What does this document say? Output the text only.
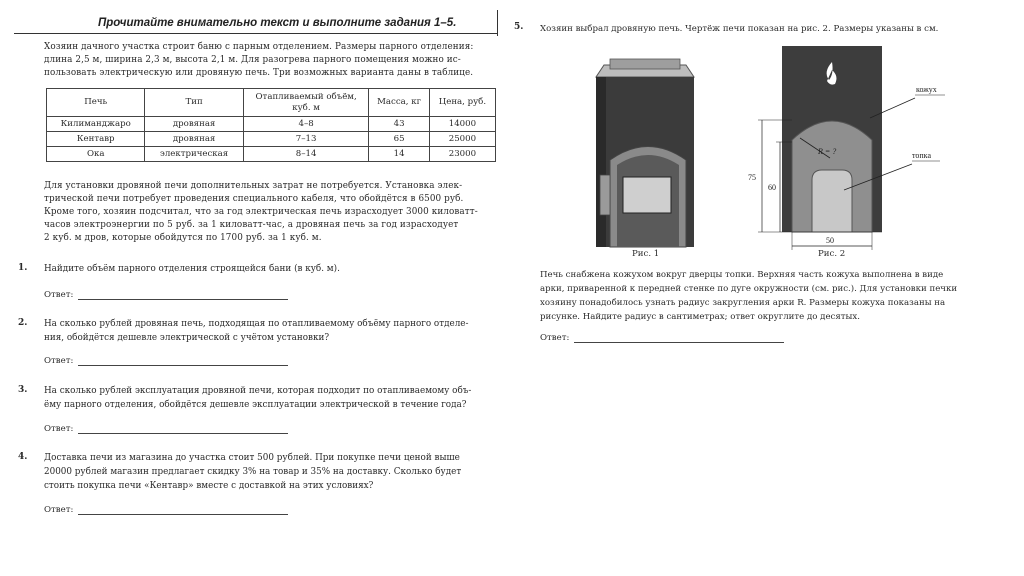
Прочитайте внимательно текст и выполните задания 1–5.
Хозяин дачного участка строит баню с парным отделением. Размеры парного отделения:
длина 2,5 м, ширина 2,3 м, высота 2,1 м. Для разогрева парного помещения можно ис-
пользовать электрическую или дровяную печь. Три возможных варианта даны в таблице.
Печь	Тип	Отапливаемый объём, куб. м	Масса, кг	Цена, руб.
Килиманджаро	дровяная	4–8	43	14000
Кентавр	дровяная	7–13	65	25000
Ока	электрическая	8–14	14	23000
Для установки дровяной печи дополнительных затрат не потребуется. Установка элек-
трической печи потребует проведения специального кабеля, что обойдётся в 6500 руб.
Кроме того, хозяин подсчитал, что за год электрическая печь израсходует 3000 киловатт-
часов электроэнергии по 5 руб. за 1 киловатт-час, а дровяная печь за год израсходует
2 куб. м дров, которые обойдутся по 1700 руб. за 1 куб. м.
1. Найдите объём парного отделения строящейся бани (в куб. м).
Ответ:
2. На сколько рублей дровяная печь, подходящая по отапливаемому объёму парного отделе-
ния, обойдётся дешевле электрической с учётом установки?
Ответ:
3. На сколько рублей эксплуатация дровяной печи, которая подходит по отапливаемому объ-
ёму парного отделения, обойдётся дешевле эксплуатации электрической в течение года?
Ответ:
4. Доставка печи из магазина до участка стоит 500 рублей. При покупке печи ценой выше
20000 рублей магазин предлагает скидку 3% на товар и 35% на доставку. Сколько будет
стоить покупка печи «Кентавр» вместе с доставкой на этих условиях?
Ответ:
5. Хозяин выбрал дровяную печь. Чертёж печи показан на рис. 2. Размеры указаны в см.
Рис. 1
R = ?
кожух
топка
75
60
50
Рис. 2
Печь снабжена кожухом вокруг дверцы топки. Верхняя часть кожуха выполнена в виде
арки, приваренной к передней стенке по дуге окружности (см. рис.). Для установки печки
хозяину понадобилось узнать радиус закругления арки R. Размеры кожуха показаны на
рисунке. Найдите радиус в сантиметрах; ответ округлите до десятых.
Ответ:
